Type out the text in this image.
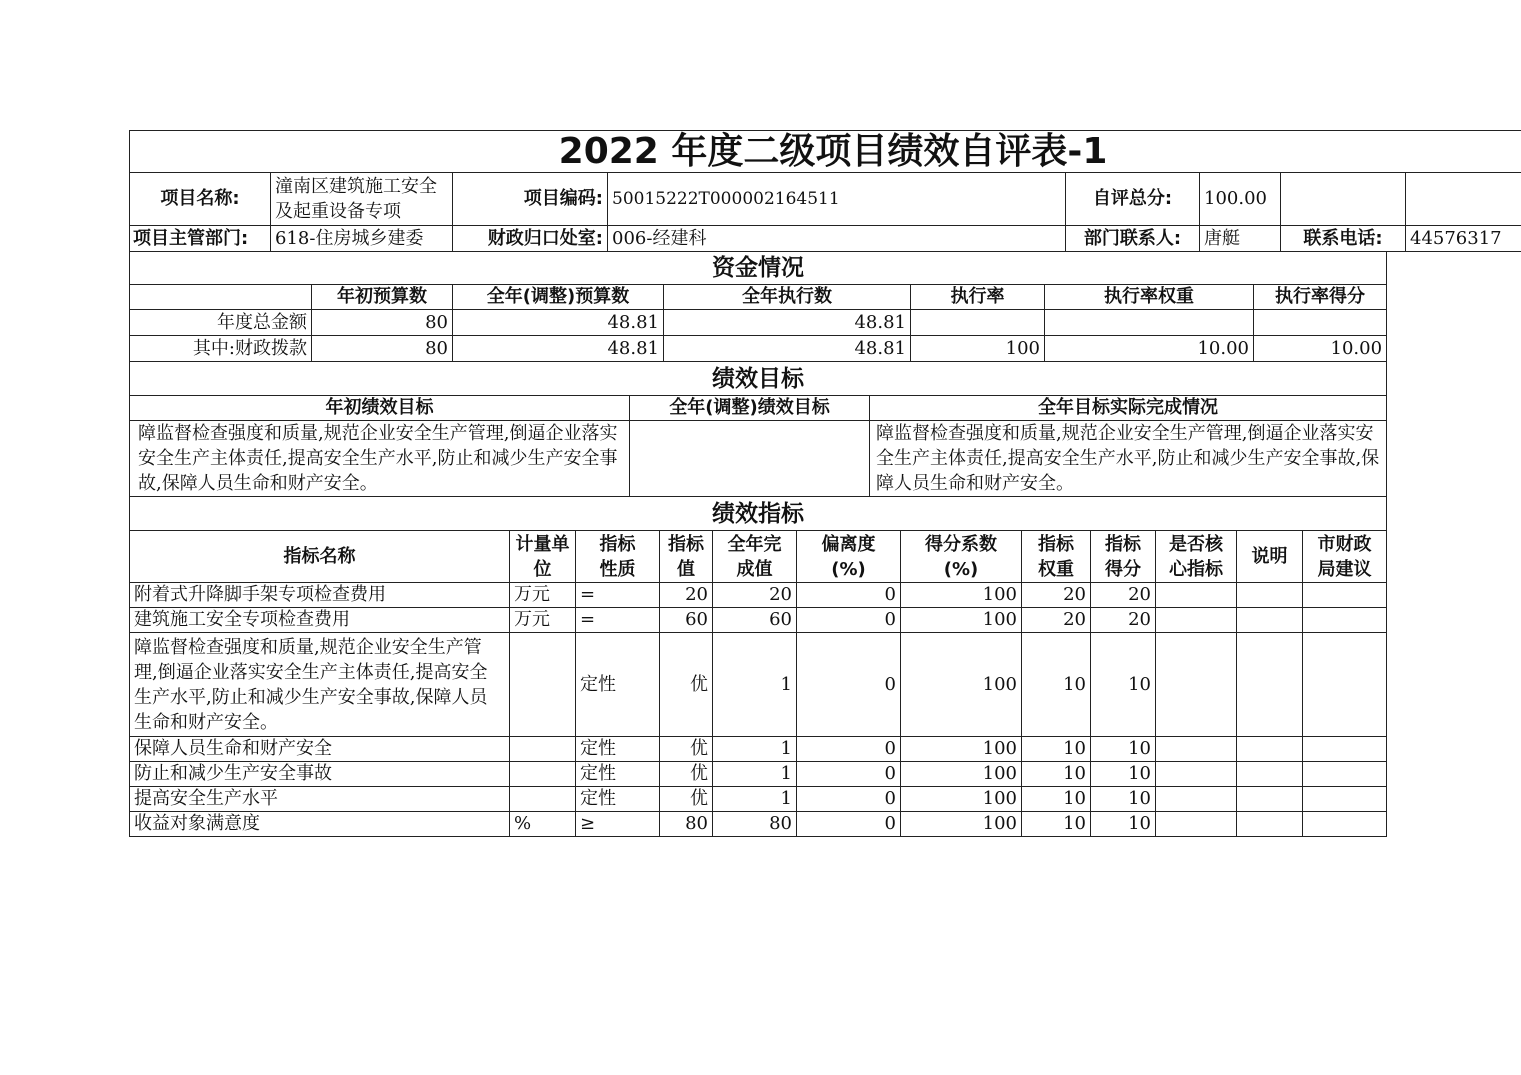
2022 年度二级项目绩效自评表-1							
项目名称:	潼南区建筑施工安全及起重设备专项	项目编码:	50015222T000002164511	自评总分:	100.00		
项目主管部门:	618-住房城乡建委	财政归口处室:	006-经建科	部门联系人:	唐艇	联系电话:	44576317
资金情况						
	年初预算数	全年(调整)预算数	全年执行数	执行率	执行率权重	执行率得分
年度总金额	80	48.81	48.81			
其中:财政拨款	80	48.81	48.81	100	10.00	10.00
绩效目标		
年初绩效目标	全年(调整)绩效目标	全年目标实际完成情况
障监督检查强度和质量,规范企业安全生产管理,倒逼企业落实安全生产主体责任,提高安全生产水平,防止和减少生产安全事故,保障人员生命和财产安全。		障监督检查强度和质量,规范企业安全生产管理,倒逼企业落实安全生产主体责任,提高安全生产水平,防止和减少生产安全事故,保障人员生命和财产安全。
绩效指标											
指标名称	计量单位	指标性质	指标值	全年完成值	偏离度(%)	得分系数(%)	指标权重	指标得分	是否核心指标	说明	市财政局建议
附着式升降脚手架专项检查费用	万元	=	20	20	0	100	20	20			
建筑施工安全专项检查费用	万元	=	60	60	0	100	20	20			
障监督检查强度和质量,规范企业安全生产管理,倒逼企业落实安全生产主体责任,提高安全生产水平,防止和减少生产安全事故,保障人员生命和财产安全。		定性	优	1	0	100	10	10			
保障人员生命和财产安全		定性	优	1	0	100	10	10			
防止和减少生产安全事故		定性	优	1	0	100	10	10			
提高安全生产水平		定性	优	1	0	100	10	10			
收益对象满意度	%	≥	80	80	0	100	10	10			
